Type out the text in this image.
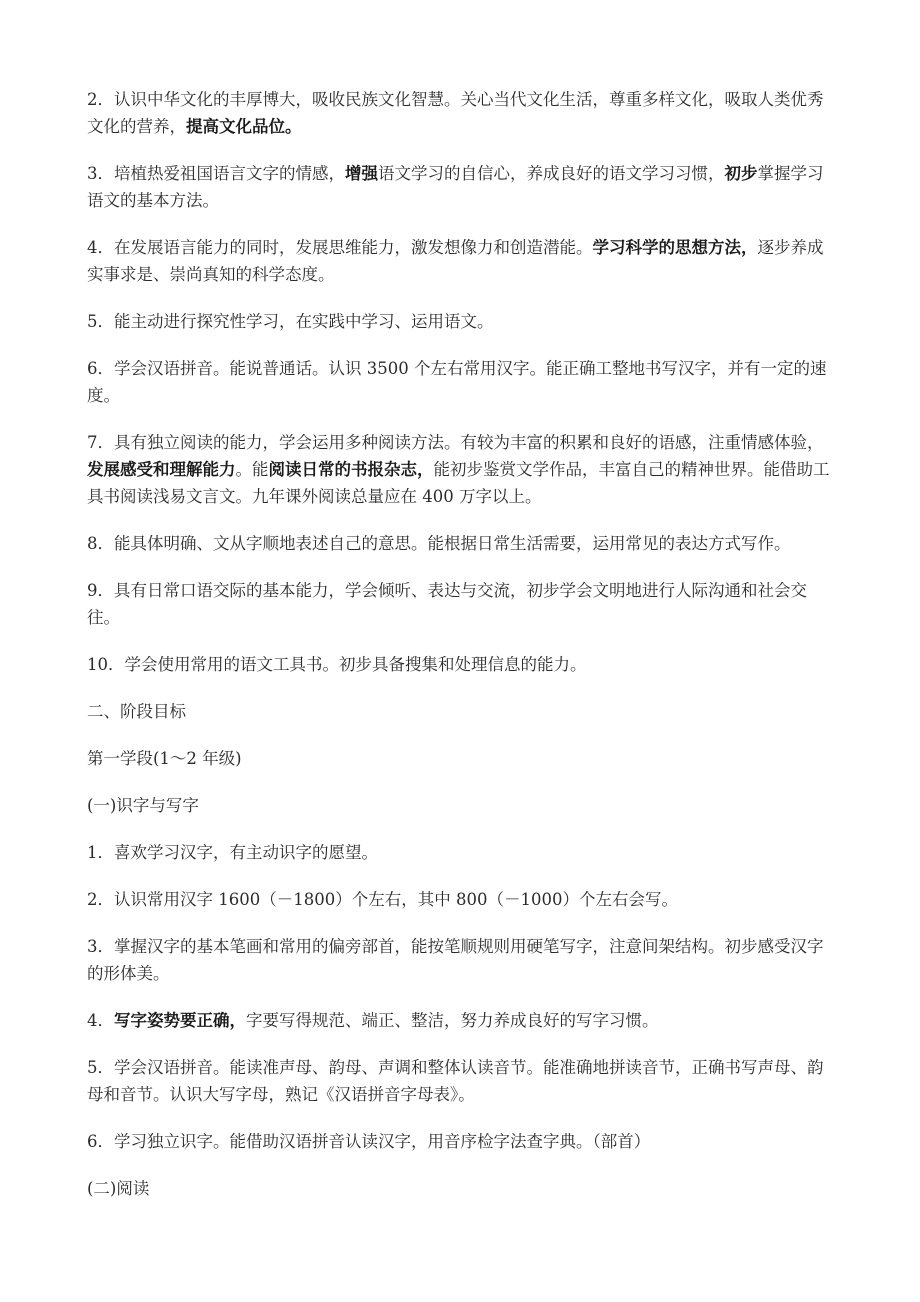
2．认识中华文化的丰厚博大，吸收民族文化智慧。关心当代文化生活，尊重多样文化，吸取人类优秀文化的营养，提高文化品位。

3．培植热爱祖国语言文字的情感，增强语文学习的自信心，养成良好的语文学习习惯，初步掌握学习语文的基本方法。

4．在发展语言能力的同时，发展思维能力，激发想像力和创造潜能。学习科学的思想方法，逐步养成实事求是、崇尚真知的科学态度。

5．能主动进行探究性学习，在实践中学习、运用语文。

6．学会汉语拼音。能说普通话。认识 3500 个左右常用汉字。能正确工整地书写汉字，并有一定的速度。

7．具有独立阅读的能力，学会运用多种阅读方法。有较为丰富的积累和良好的语感，注重情感体验，发展感受和理解能力。能阅读日常的书报杂志，能初步鉴赏文学作品，丰富自己的精神世界。能借助工具书阅读浅易文言文。九年课外阅读总量应在 400 万字以上。

8．能具体明确、文从字顺地表述自己的意思。能根据日常生活需要，运用常见的表达方式写作。

9．具有日常口语交际的基本能力，学会倾听、表达与交流，初步学会文明地进行人际沟通和社会交往。

10．学会使用常用的语文工具书。初步具备搜集和处理信息的能力。

二、阶段目标

第一学段(1～2 年级)

(一)识字与写字

1．喜欢学习汉字，有主动识字的愿望。

2．认识常用汉字 1600（－1800）个左右，其中 800（－1000）个左右会写。

3．掌握汉字的基本笔画和常用的偏旁部首，能按笔顺规则用硬笔写字，注意间架结构。初步感受汉字的形体美。

4．写字姿势要正确，字要写得规范、端正、整洁，努力养成良好的写字习惯。

5．学会汉语拼音。能读准声母、韵母、声调和整体认读音节。能准确地拼读音节，正确书写声母、韵母和音节。认识大写字母，熟记《汉语拼音字母表》。

6．学习独立识字。能借助汉语拼音认读汉字，用音序检字法查字典。（部首）

(二)阅读
